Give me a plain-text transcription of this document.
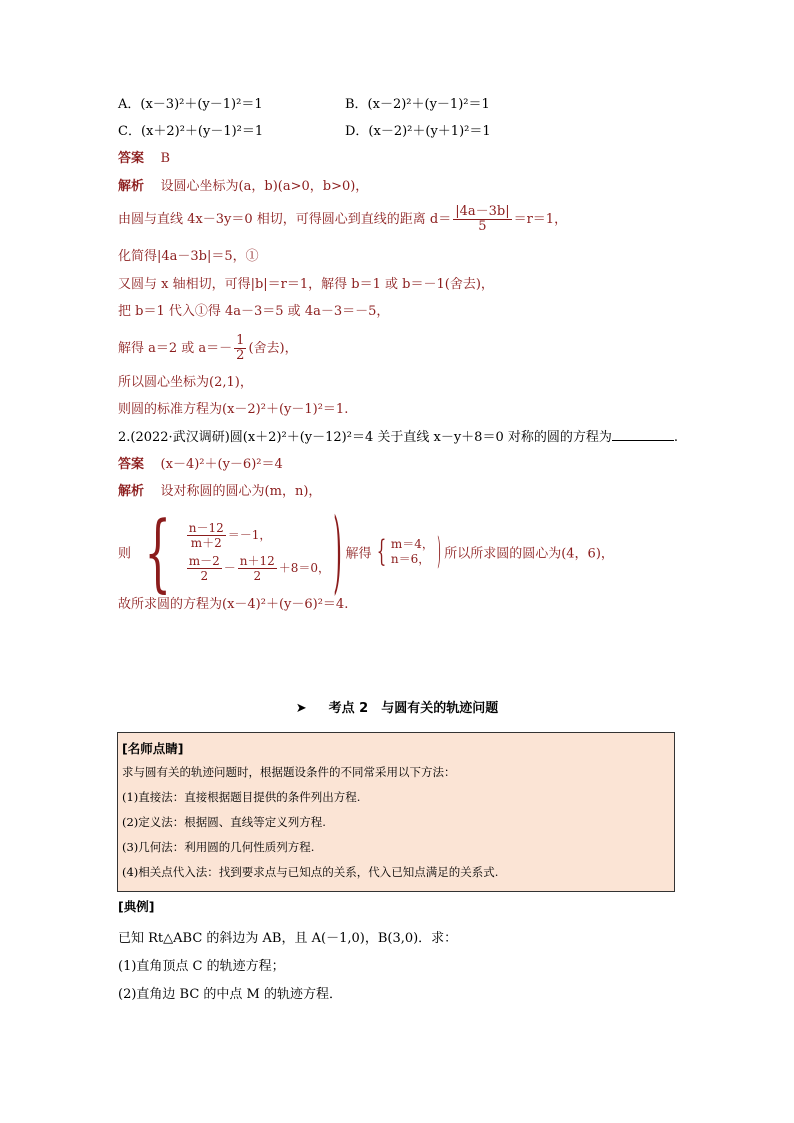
A．(x－3)²＋(y－1)²＝1	B．(x－2)²＋(y－1)²＝1
C．(x＋2)²＋(y－1)²＝1	D．(x－2)²＋(y＋1)²＝1
答案 B
解析 设圆心坐标为(a，b)(a>0，b>0)，
由圆与直线 4x－3y＝0 相切，可得圆心到直线的距离 $d= \frac{|4a-3b|}{5} =r=1$，
化简得|4a－3b|＝5，①
又圆与 x 轴相切，可得|b|＝r＝1，解得 b＝1 或 b＝－1(舍去)，
把 b＝1 代入①得 4a－3＝5 或 4a－3＝－5，
解得 a＝2 或 $a=- \frac{1}{2}$ (舍去)，
所以圆心坐标为(2,1)，
则圆的标准方程为(x－2)²＋(y－1)²＝1.
2.(2022·武汉调研)圆(x＋2)²＋(y－12)²＝4 关于直线 x－y＋8＝0 对称的圆的方程为	.
答案 (x－4)²＋(y－6)²＝4
解析 设对称圆的圆心为(m，n)，
则 { $\frac{n-12}{m+2} =-1$，
$\frac{m-2}{2} - \frac{n+12}{2} +8=0$， ) 解得 { m＝4，
n＝6， ) 所以所求圆的圆心为(4，6)，
故所求圆的方程为(x－4)²＋(y－6)²＝4.
➤ 考点 2　与圆有关的轨迹问题
[名师点睛]
求与圆有关的轨迹问题时，根据题设条件的不同常采用以下方法：
(1)直接法：直接根据题目提供的条件列出方程.
(2)定义法：根据圆、直线等定义列方程.
(3)几何法：利用圆的几何性质列方程.
(4)相关点代入法：找到要求点与已知点的关系，代入已知点满足的关系式.
[典例]
已知 Rt△ABC 的斜边为 AB，且 A(－1,0)，B(3,0)．求：
(1)直角顶点 C 的轨迹方程；
(2)直角边 BC 的中点 M 的轨迹方程．
